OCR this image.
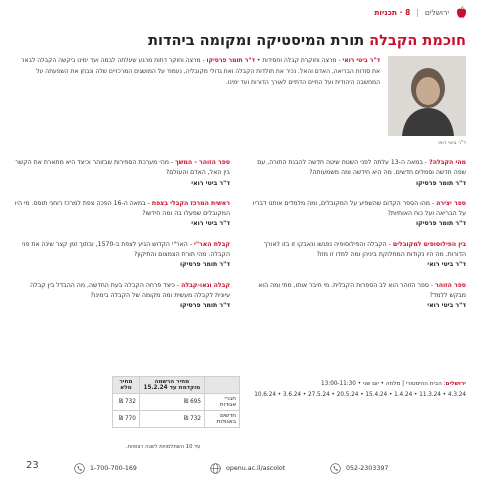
ירושלים
|
8 · תכניות
חוכמת הקבלה תורת המיסטיקה ומקומה ביהדות
ד"ר ביטי רואי
ד"ר ביטי רואי - מרצה וחוקרת קבלה וחסידות • ד"ר תומר פרסיקו - מרצה וחוקר דתות מרגע שעלתה לבמה ועד ימינו ביקשה הקבלה לבאר את סודות הבריאה, האדם והאל. נכיר את תולדות הקבלה ואת גדולי מקובליה, נעמוד על המושגים המרכזיים שלה ונבחן את השפעתה על המחשבה היהודית ועל החיים הדתיים לאורך הדורות ועד ימינו.
מהי הקבלה? - במאה ה-13 עלתה לפני השטח שיטה חדשה להבנת התורה, עם שפה חדשה וסמלים חדשים. מה היא חידשה ומה משמעותה?
ד"ר תומר פרסיקו
ספר יצירה - מהו הספר הקדום שהשפיע על המקובלים, ומה מלמדים אותנו דבריו על הבריאה ועל כוח האותיות?
ד"ר תומר פרסיקו
בין הפילוסופים למקובלים - הקבלה והפילוסופיה נפגשו ונאבקו זו בזו לאורך הדורות. מה היו נקודות המחלוקת ביניהן ומה למדו זו מזו?
ד"ר ביטי רואי
ספר הזוהר - ספר הזוהר הוא לב הספרות הקבלית. מי חיבר אותו, מתי ומה הוא מבקש ללמד?
ד"ר ביטי רואי
ספר הזוהר - המשך - מהי מערכת הספירות שבזוהר וכיצד היא מתארת את הקשר בין האל, האדם והעולם?
ד"ר ביטי רואי
ראשית המרכז הקבלי בצפת - במאה ה-16 הפכה צפת למרכז רוחני תוסס. מי היו המקובלים שפעלו בה ומה חידשו?
ד"ר ביטי רואי
קבלת האר"י - האר"י הקדוש הגיע לצפת ב-1570, ובתוך זמן קצר שינה את פני הקבלה. מהי תורת הצמצום והתיקון?
ד"ר תומר פרסיקו
קבלה וגאו-קבלה - כיצד פרחה הקבלה בעת החדשה, מה ההבדל בין קבלה עיונית לקבלה מעשית ומה מקומה של הקבלה בימינו?
ד"ר תומר פרסיקו
ירושלים: הבית ההיסטורי | מלחה • יום שני • 13:00-11:30
4.3.24 • 11.3.24 • 1.4.24 • 15.4.24 • 20.5.24 • 27.5.24 • 3.6.24 • 10.6.24
	מחיר הרשמה מוקדמת עד 15.2.24	מחיר מלא
חברי אגודות	695 ₪	732 ₪
חדשים באגודות	732 ₪	770 ₪
עד 10 השתלמויות לשנה רצופות.
23	1-700-700-169	openu.ac.il/ascolot	052-2303397
